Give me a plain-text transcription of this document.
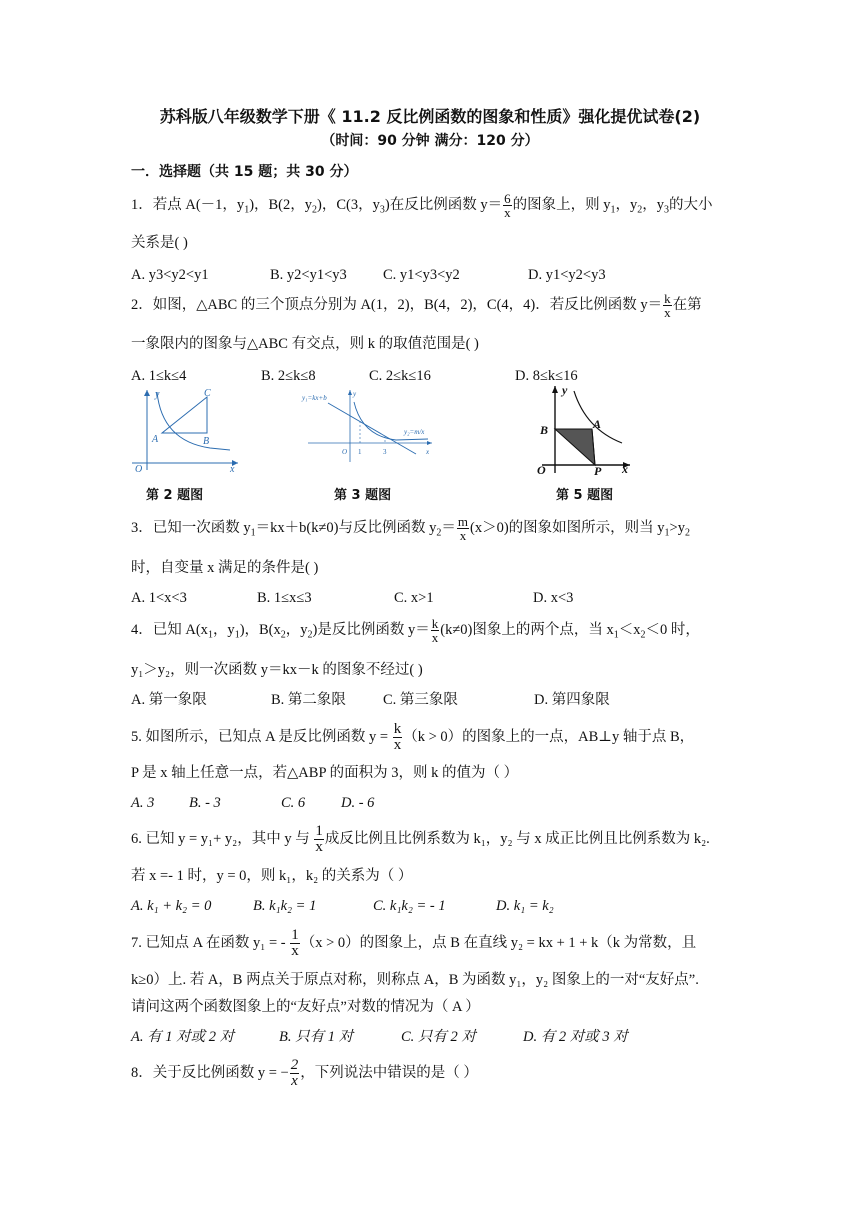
苏科版八年级数学下册《 11.2 反比例函数的图象和性质》强化提优试卷(2)
（时间：90 分钟 满分：120 分）
一．选择题（共 15 题；共 30 分）
1．若点 A(－1，$y_1$)，B(2，$y_2$)，C(3，$y_3$)在反比例函数 $y= \frac{6}{x}$ 的图象上，则 $y_1$，$y_2$，$y_3$的大小
关系是( )
A. y3<y2<y1	B. y2<y1<y3 C. y1<y3<y2	D. y1<y2<y3
2．如图，△ABC 的三个顶点分别为 A(1，2)，B(4，2)，C(4，4)．若反比例函数 $y= \frac{k}{x}$ 在第
一象限内的图象与△ABC 有交点，则 k 的取值范围是( )
A. 1≤k≤4	B. 2≤k≤8	C. 2≤k≤16	D. 8≤k≤16
y
x
O
A	B
C	y₁=kx+b
y₂=m/x
O 1	3	x
y	y
x
O
B	A
P
第 2 题图	第 3 题图	第 5 题图
3．已知一次函数 $y_1=kx+b(k\ne 0)$与反比例函数 $y_2= \frac{m}{x} (x>0)$的图象如图所示，则当 $y_1>y_2$
时，自变量 x 满足的条件是( )
A. 1<x<3	B. 1≤x≤3	C. x>1	D. x<3
4．已知 $A(x_1$，$y_1$)，$B(x_2$，$y_2$)是反比例函数 $y= \frac{k}{x} (k\ne 0)$图象上的两个点，当 $x_1<x_2<0$ 时，
y₁＞y₂，则一次函数 y＝kx－k 的图象不经过( )
A. 第一象限	B. 第二象限	C. 第三象限	D. 第四象限
5. 如图所示，已知点 A 是反比例函数 $y = \frac{k}{x} (k > 0)$的图象上的一点，AB⊥y 轴于点 B，
P 是 x 轴上任意一点，若△ABP 的面积为 3，则 k 的值为（ ）
A. 3 B. - 3	C. 6 D. - 6
6. 已知 y = y₁+ y₂，其中 y 与 $\frac{1}{x}$ 成反比例且比例系数为 k₁，y₂ 与 x 成正比例且比例系数为 k₂.
若 x =- 1 时，y = 0，则 k₁，k₂ 的关系为（ ）
A. k₁ + k₂ = 0	B. k₁k₂ = 1	C. k₁k₂ = - 1	D. k₁ = k₂
7. 已知点 A 在函数 y₁ = - $\frac{1}{x} (x > 0)$的图象上，点 B 在直线 y₂ = kx + 1 + k（k 为常数，且
k≥0）上. 若 A，B 两点关于原点对称，则称点 A，B 为函数 y₁，y₂ 图象上的一对“友好点”.
请问这两个函数图象上的“友好点”对数的情况为（ A ）
A. 有 1 对或 2 对	B. 只有 1 对	C. 只有 2 对	D. 有 2 对或 3 对
8．关于反比例函数 y = − $\frac{2}{x}$ ，下列说法中错误的是（ ）
